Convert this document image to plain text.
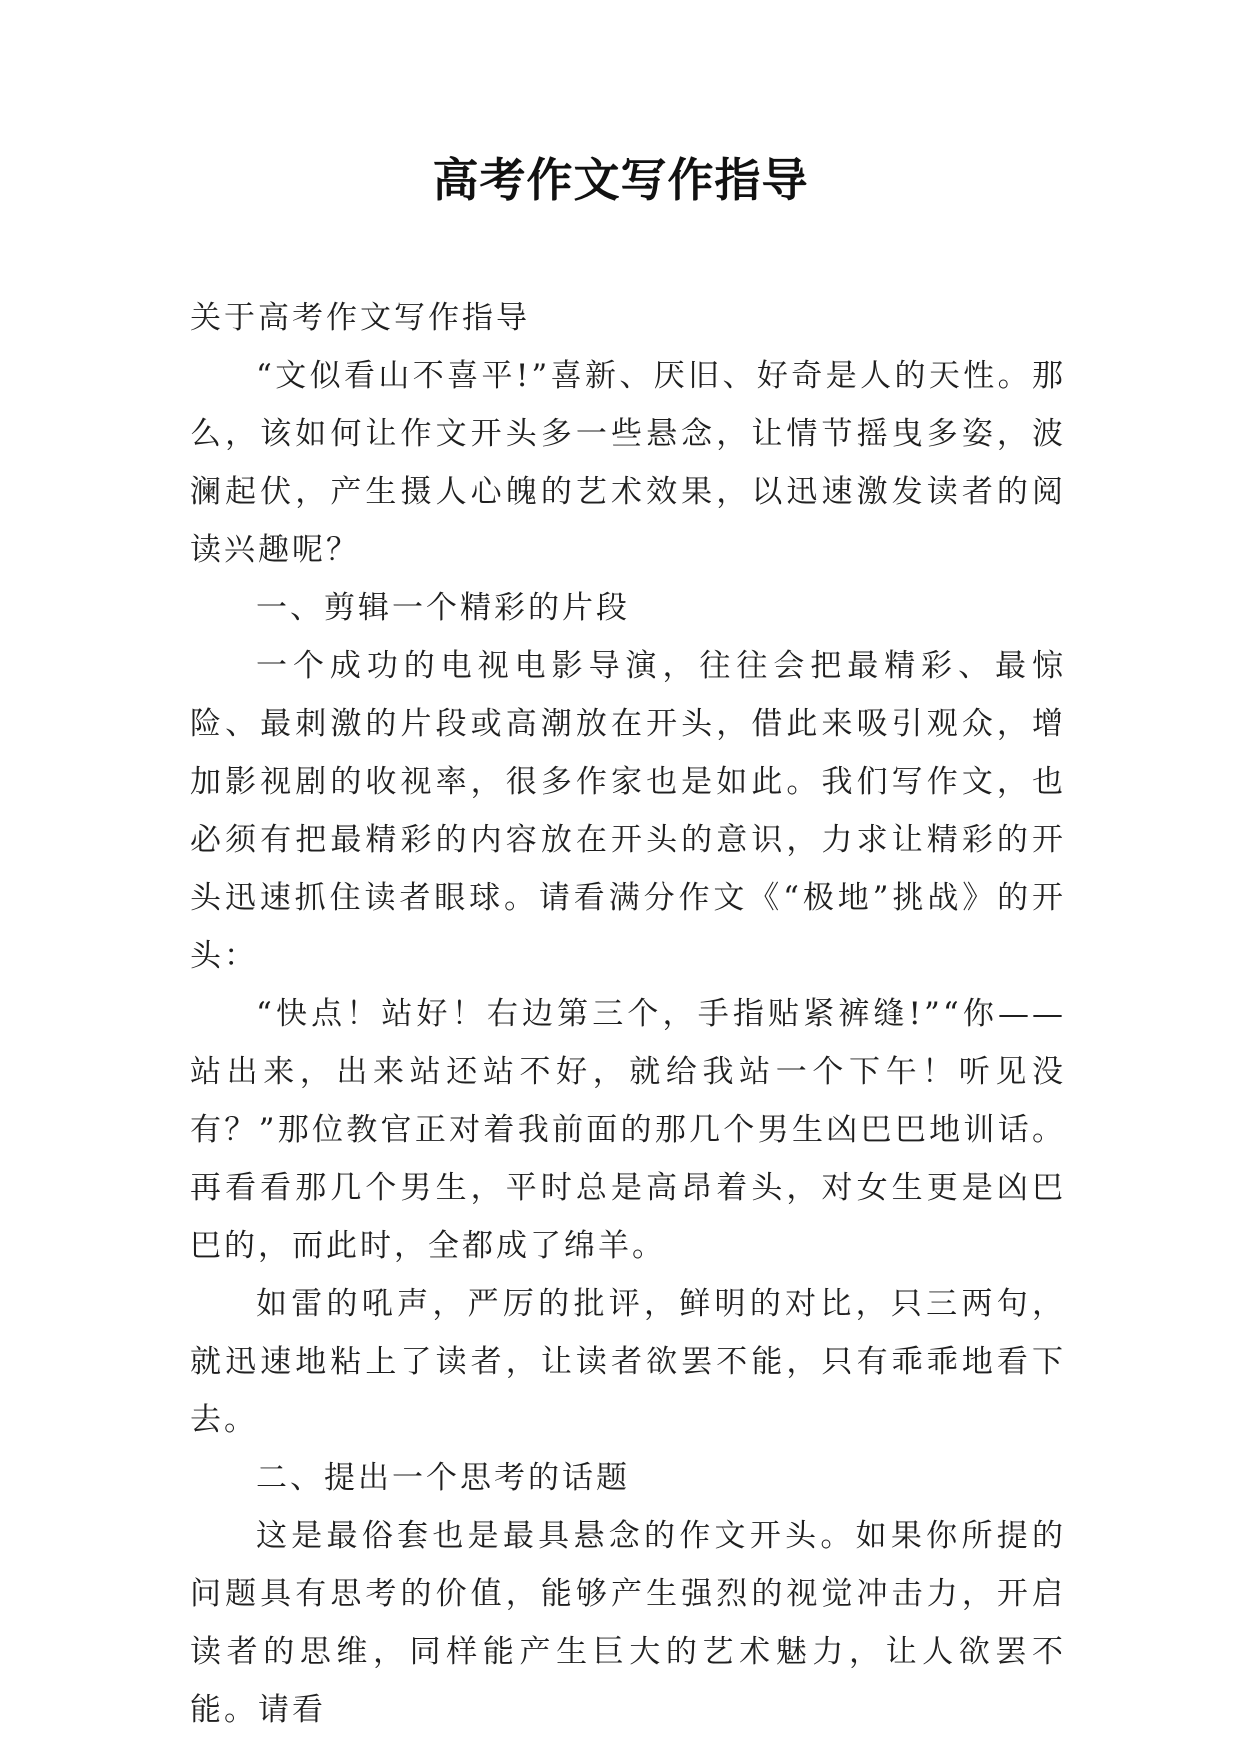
高考作文写作指导

关于高考作文写作指导

“文似看山不喜平!”喜新、厌旧、好奇是人的天性。那么，该如何让作文开头多一些悬念，让情节摇曳多姿，波澜起伏，产生摄人心魄的艺术效果，以迅速激发读者的阅读兴趣呢？

一、剪辑一个精彩的片段

一个成功的电视电影导演，往往会把最精彩、最惊险、最刺激的片段或高潮放在开头，借此来吸引观众，增加影视剧的收视率，很多作家也是如此。我们写作文，也必须有把最精彩的内容放在开头的意识，力求让精彩的开头迅速抓住读者眼球。请看满分作文《“极地”挑战》的开头：

“快点！站好！右边第三个，手指贴紧裤缝!”“你——站出来，出来站还站不好，就给我站一个下午！听见没有？”那位教官正对着我前面的那几个男生凶巴巴地训话。再看看那几个男生，平时总是高昂着头，对女生更是凶巴巴的，而此时，全都成了绵羊。

如雷的吼声，严厉的批评，鲜明的对比，只三两句，就迅速地粘上了读者，让读者欲罢不能，只有乖乖地看下去。

二、提出一个思考的话题

这是最俗套也是最具悬念的作文开头。如果你所提的问题具有思考的价值，能够产生强烈的视觉冲击力，开启读者的思维，同样能产生巨大的艺术魅力，让人欲罢不能。请看
